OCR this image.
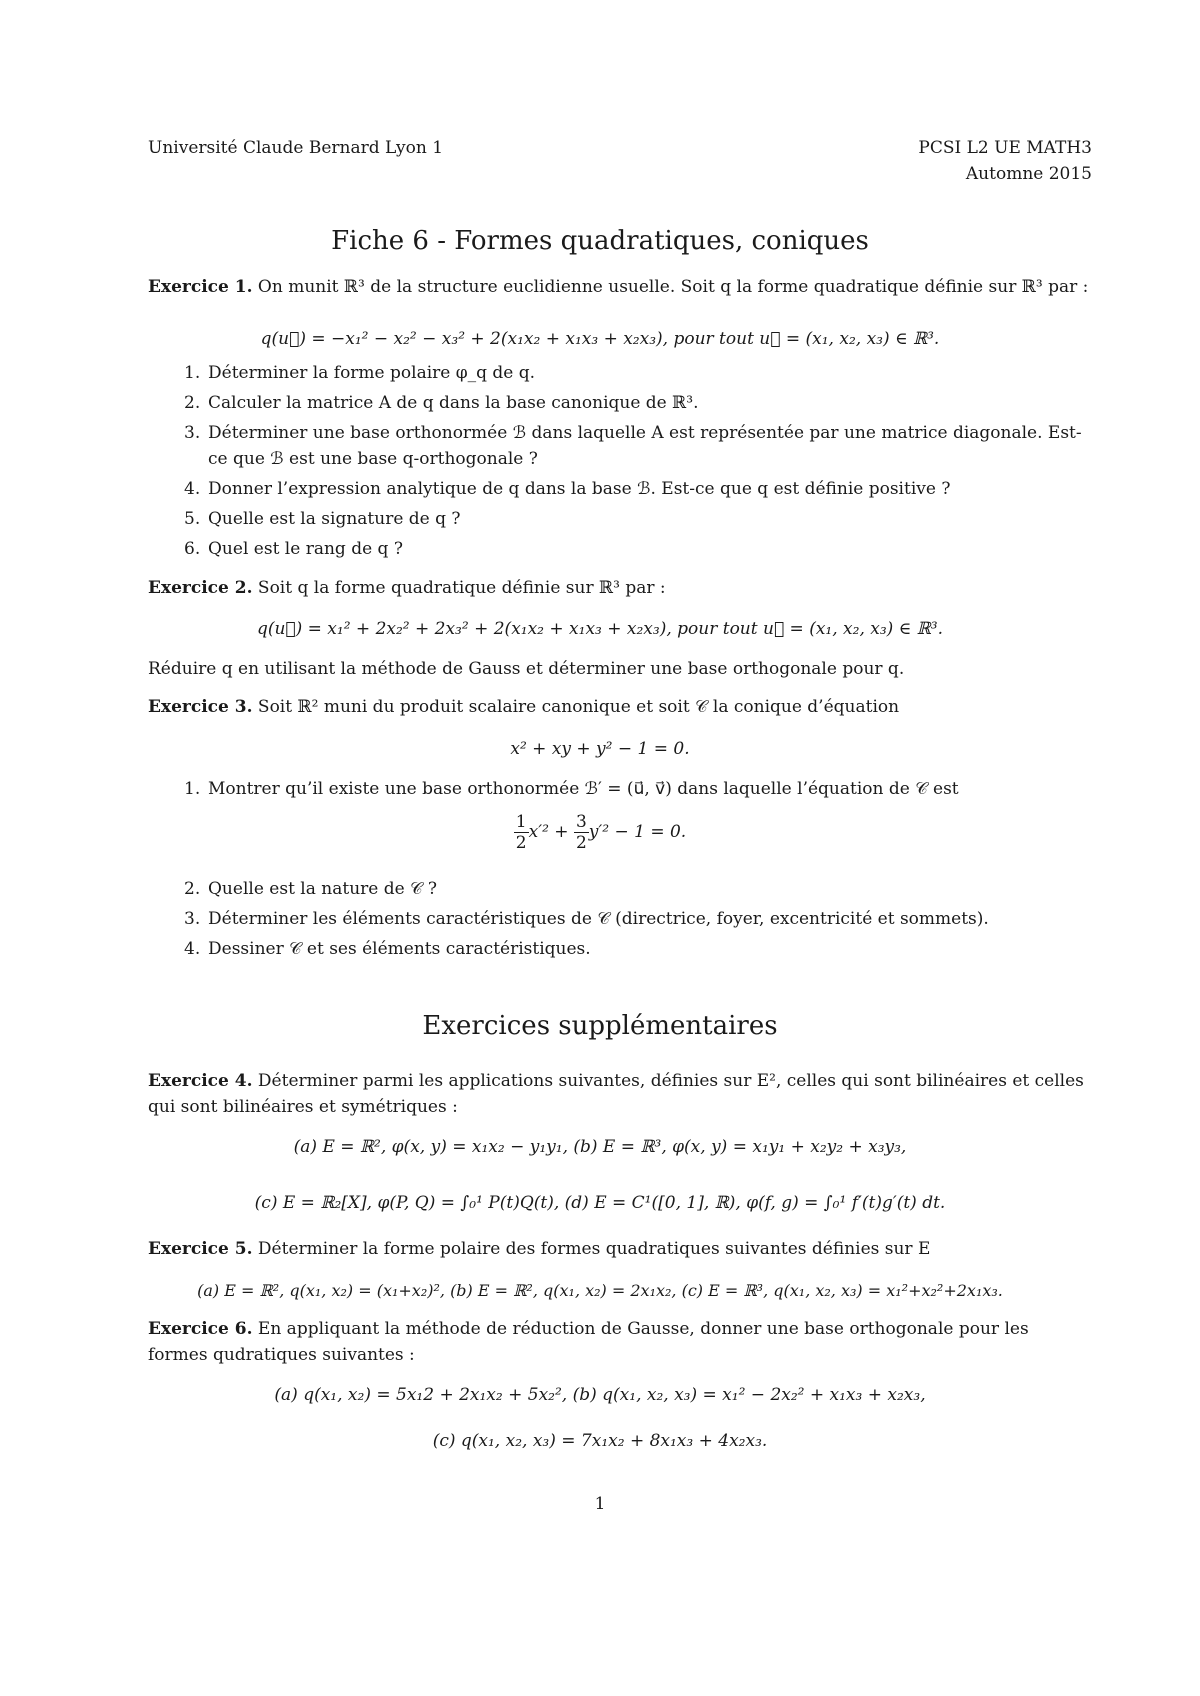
Université Claude Bernard Lyon 1	PCSI L2 UE MATH3
Automne 2015
Fiche 6 - Formes quadratiques, coniques
Exercice 1. On munit ℝ³ de la structure euclidienne usuelle. Soit q la forme quadratique définie sur ℝ³ par :
q(u⃗) = −x₁² − x₂² − x₃² + 2(x₁x₂ + x₁x₃ + x₂x₃), pour tout u⃗ = (x₁, x₂, x₃) ∈ ℝ³.
1. Déterminer la forme polaire φ_q de q.
2. Calculer la matrice A de q dans la base canonique de ℝ³.
3. Déterminer une base orthonormée ℬ dans laquelle A est représentée par une matrice diagonale. Est-ce que ℬ est une base q-orthogonale ?
4. Donner l’expression analytique de q dans la base ℬ. Est-ce que q est définie positive ?
5. Quelle est la signature de q ?
6. Quel est le rang de q ?
Exercice 2. Soit q la forme quadratique définie sur ℝ³ par :
q(u⃗) = x₁² + 2x₂² + 2x₃² + 2(x₁x₂ + x₁x₃ + x₂x₃), pour tout u⃗ = (x₁, x₂, x₃) ∈ ℝ³.
Réduire q en utilisant la méthode de Gauss et déterminer une base orthogonale pour q.
Exercice 3. Soit ℝ² muni du produit scalaire canonique et soit 𝒞 la conique d’équation
x² + xy + y² − 1 = 0.
1. Montrer qu’il existe une base orthonormée ℬ′ = (u⃗, v⃗) dans laquelle l’équation de 𝒞 est
$\frac{1}{2} x'^2 + \frac{3}{2} y'^2 - 1 = 0$.
2. Quelle est la nature de 𝒞 ?
3. Déterminer les éléments caractéristiques de 𝒞 (directrice, foyer, excentricité et sommets).
4. Dessiner 𝒞 et ses éléments caractéristiques.
Exercices supplémentaires
Exercice 4. Déterminer parmi les applications suivantes, définies sur E², celles qui sont bilinéaires et celles qui sont bilinéaires et symétriques :
(a) E = ℝ², φ(x, y) = x₁x₂ − y₁y₁, (b) E = ℝ³, φ(x, y) = x₁y₁ + x₂y₂ + x₃y₃,
(c) E = ℝ₂[X], φ(P, Q) = ∫₀¹ P(t)Q(t), (d) E = C¹([0, 1], ℝ), φ(f, g) = ∫₀¹ f′(t)g′(t) dt.
Exercice 5. Déterminer la forme polaire des formes quadratiques suivantes définies sur E
(a) E = ℝ², q(x₁, x₂) = (x₁+x₂)², (b) E = ℝ², q(x₁, x₂) = 2x₁x₂, (c) E = ℝ³, q(x₁, x₂, x₃) = x₁²+x₂²+2x₁x₃.
Exercice 6. En appliquant la méthode de réduction de Gausse, donner une base orthogonale pour les formes qudratiques suivantes :
(a) q(x₁, x₂) = 5x₁2 + 2x₁x₂ + 5x₂², (b) q(x₁, x₂, x₃) = x₁² − 2x₂² + x₁x₃ + x₂x₃,
(c) q(x₁, x₂, x₃) = 7x₁x₂ + 8x₁x₃ + 4x₂x₃.
1
